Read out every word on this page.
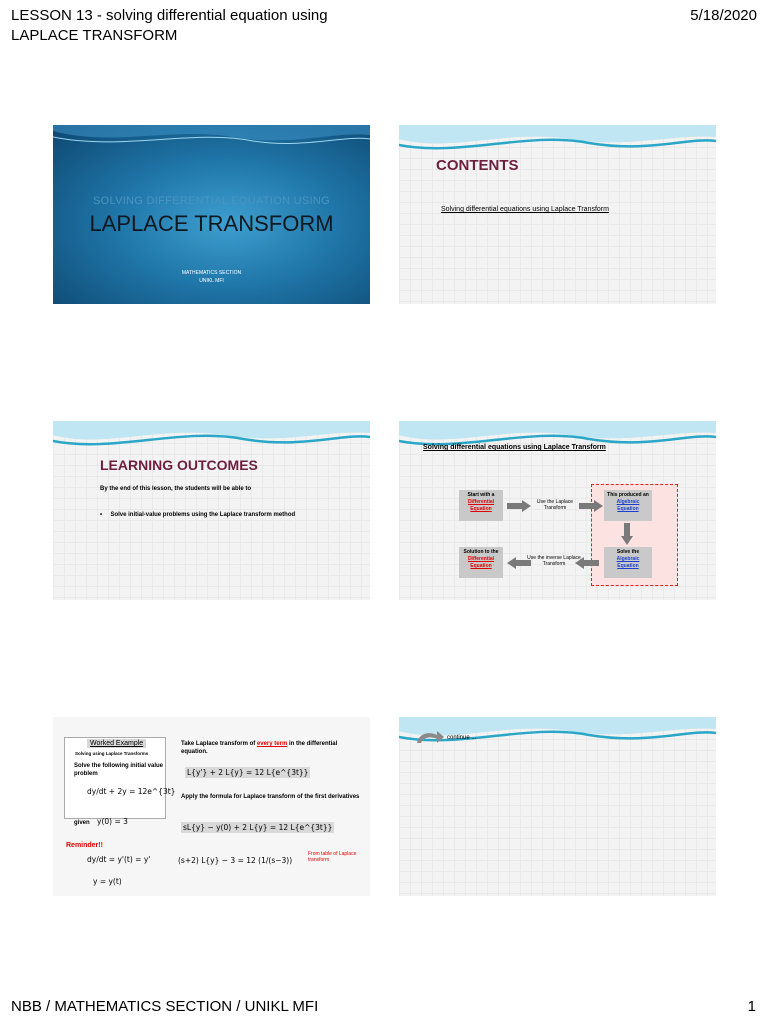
LESSON 13 - solving differential equation using LAPLACE TRANSFORM
5/18/2020
SOLVING DIFFERENTIAL EQUATION USING
LAPLACE TRANSFORM
MATHEMATICS SECTION
UNIKL MFI
CONTENTS
Solving differential equations using Laplace Transform
LEARNING OUTCOMES
By the end of this lesson, the students will be able to
•     Solve initial-value problems using the Laplace transform method
Solving differential equations using Laplace Transform
Start with a
Differential
Equation
Use the Laplace Transform
This produced an
Algebraic
Equation
Solve the
Algebraic
Equation
Use the inverse Laplace Transform
Solution to the
Differential
Equation
Worked Example
Solving using Laplace Transforms
Solve the following initial value problem
dy/dt + 2y = 12e^{3t}
given y(0) = 3
Reminder!!
dy/dt = y'(t) = y'
y = y(t)
Take Laplace transform of every term in the differential equation.
L{y'} + 2 L{y} = 12 L{e^{3t}}
Apply the formula for Laplace transform of the first derivatives
sL{y} − y(0) + 2 L{y} = 12 L{e^{3t}}
(s+2) L{y} − 3 = 12 (1/(s−3))
From table of Laplace transform
continue ...
NBB / MATHEMATICS SECTION / UNIKL MFI	1
